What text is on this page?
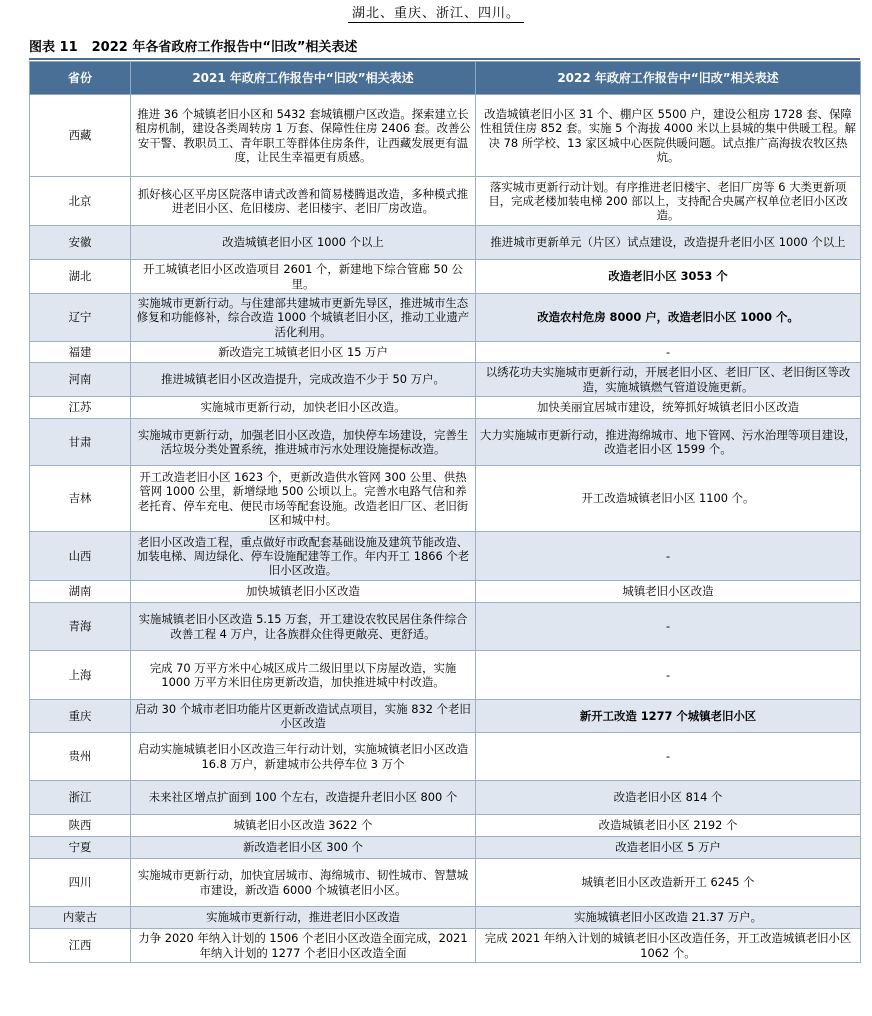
湖北、重庆、浙江、四川。
图表 11 2022 年各省政府工作报告中“旧改”相关表述
省份	2021 年政府工作报告中“旧改”相关表述	2022 年政府工作报告中“旧改”相关表述
西藏	推进 36 个城镇老旧小区和 5432 套城镇棚户区改造。探索建立长租房机制，建设各类周转房 1 万套、保障性住房 2406 套。改善公安干警、教职员工、青年职工等群体住房条件，让西藏发展更有温度，让民生幸福更有质感。	改造城镇老旧小区 31 个、棚户区 5500 户，建设公租房 1728 套、保障性租赁住房 852 套。实施 5 个海拔 4000 米以上县城的集中供暖工程。解决 78 所学校、13 家区城中心医院供暖问题。试点推广高海拔农牧区热炕。
北京	抓好核心区平房区院落申请式改善和简易楼腾退改造，多种模式推进老旧小区、危旧楼房、老旧楼宇、老旧厂房改造。	落实城市更新行动计划。有序推进老旧楼宇、老旧厂房等 6 大类更新项目，完成老楼加装电梯 200 部以上，支持配合央属产权单位老旧小区改造。
安徽	改造城镇老旧小区 1000 个以上	推进城市更新单元（片区）试点建设，改造提升老旧小区 1000 个以上
湖北	开工城镇老旧小区改造项目 2601 个，新建地下综合管廊 50 公里。	改造老旧小区 3053 个
辽宁	实施城市更新行动。与住建部共建城市更新先导区，推进城市生态修复和功能修补，综合改造 1000 个城镇老旧小区，推动工业遗产活化利用。	改造农村危房 8000 户，改造老旧小区 1000 个。
福建	新改造完工城镇老旧小区 15 万户	-
河南	推进城镇老旧小区改造提升，完成改造不少于 50 万户。	以绣花功夫实施城市更新行动，开展老旧小区、老旧厂区、老旧街区等改造，实施城镇燃气管道设施更新。
江苏	实施城市更新行动，加快老旧小区改造。	加快美丽宜居城市建设，统筹抓好城镇老旧小区改造
甘肃	实施城市更新行动，加强老旧小区改造，加快停车场建设，完善生活垃圾分类处置系统，推进城市污水处理设施提标改造。	大力实施城市更新行动，推进海绵城市、地下管网、污水治理等项目建设，改造老旧小区 1599 个。
吉林	开工改造老旧小区 1623 个，更新改造供水管网 300 公里、供热管网 1000 公里，新增绿地 500 公顷以上。完善水电路气信和养老托育、停车充电、便民市场等配套设施。改造老旧厂区、老旧街区和城中村。	开工改造城镇老旧小区 1100 个。
山西	老旧小区改造工程，重点做好市政配套基础设施及建筑节能改造、加装电梯、周边绿化、停车设施配建等工作。年内开工 1866 个老旧小区改造。	-
湖南	加快城镇老旧小区改造	城镇老旧小区改造
青海	实施城镇老旧小区改造 5.15 万套，开工建设农牧民居住条件综合改善工程 4 万户，让各族群众住得更敞亮、更舒适。	-
上海	完成 70 万平方米中心城区成片二级旧里以下房屋改造，实施 1000 万平方米旧住房更新改造，加快推进城中村改造。	-
重庆	启动 30 个城市老旧功能片区更新改造试点项目，实施 832 个老旧小区改造	新开工改造 1277 个城镇老旧小区
贵州	启动实施城镇老旧小区改造三年行动计划，实施城镇老旧小区改造 16.8 万户，新建城市公共停车位 3 万个	-
浙江	未来社区增点扩面到 100 个左右，改造提升老旧小区 800 个	改造老旧小区 814 个
陕西	城镇老旧小区改造 3622 个	改造城镇老旧小区 2192 个
宁夏	新改造老旧小区 300 个	改造老旧小区 5 万户
四川	实施城市更新行动，加快宜居城市、海绵城市、韧性城市、智慧城市建设，新改造 6000 个城镇老旧小区。	城镇老旧小区改造新开工 6245 个
内蒙古	实施城市更新行动，推进老旧小区改造	实施城镇老旧小区改造 21.37 万户。
江西	力争 2020 年纳入计划的 1506 个老旧小区改造全面完成，2021 年纳入计划的 1277 个老旧小区改造全面	完成 2021 年纳入计划的城镇老旧小区改造任务，开工改造城镇老旧小区 1062 个。
